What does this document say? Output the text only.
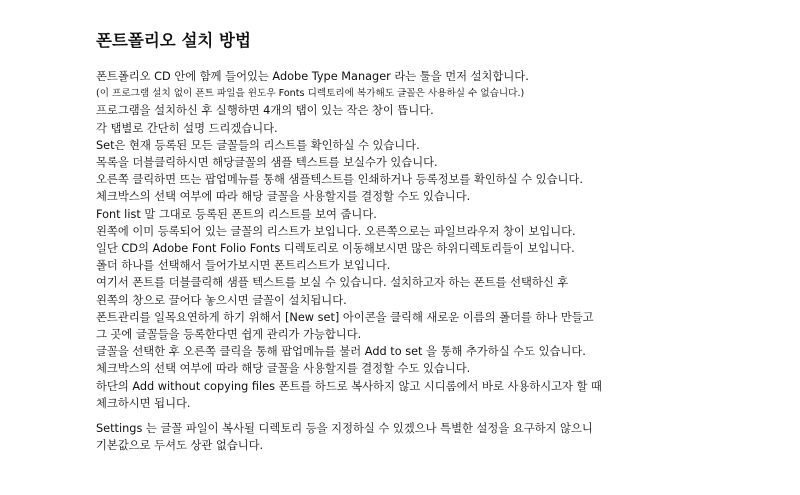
폰트폴리오 설치 방법
폰트폴리오 CD 안에 함께 들어있는 Adobe Type Manager 라는 툴을 먼저 설치합니다.
(이 프로그램 설치 없이 폰트 파일을 윈도우 Fonts 디렉토리에 복가해도 글꼴은 사용하실 수 없습니다.)
프로그램을 설치하신 후 실행하면 4개의 탭이 있는 작은 창이 뜹니다.
각 탭별로 간단히 설명 드리겠습니다.
Set은 현재 등록된 모든 글꼴들의 리스트를 확인하실 수 있습니다.
목록을 더블클릭하시면 해당글꼴의 샘플 텍스트를 보실수가 있습니다.
오른쪽 클릭하면 뜨는 팝업메뉴를 통해 샘플텍스트를 인쇄하거나 등록정보를 확인하실 수 있습니다.
체크박스의 선택 여부에 따라 해당 글꼴을 사용할지를 결정할 수도 있습니다.
Font list 말 그대로 등록된 폰트의 리스트를 보여 줍니다.
왼쪽에 이미 등록되어 있는 글꼴의 리스트가 보입니다. 오른쪽으로는 파일브라우저 창이 보입니다.
일단 CD의 Adobe Font Folio Fonts 디렉토리로 이동해보시면 많은 하위디렉토리들이 보입니다.
폴더 하나를 선택해서 들어가보시면 폰트리스트가 보입니다.
여기서 폰트를 더블클릭해 샘플 텍스트를 보실 수 있습니다. 설치하고자 하는 폰트를 선택하신 후
왼쪽의 창으로 끌어다 놓으시면 글꼴이 설치됩니다.
폰트관리를 일목요연하게 하기 위해서 [New set] 아이콘을 클릭해 새로운 이름의 폴더를 하나 만들고
그 곳에 글꼴들을 등록한다면 쉽게 관리가 가능합니다.
글꼴을 선택한 후 오른쪽 클릭을 통해 팝업메뉴를 불러 Add to set 을 통해 추가하실 수도 있습니다.
체크박스의 선택 여부에 따라 해당 글꼴을 사용할지를 결정할 수도 있습니다.
하단의 Add without copying files 폰트를 하드로 복사하지 않고 시디롬에서 바로 사용하시고자 할 때
체크하시면 됩니다.
Settings 는 글꼴 파일이 복사될 디렉토리 등을 지정하실 수 있겠으나 특별한 설정을 요구하지 않으니
기본값으로 두셔도 상관 없습니다.
